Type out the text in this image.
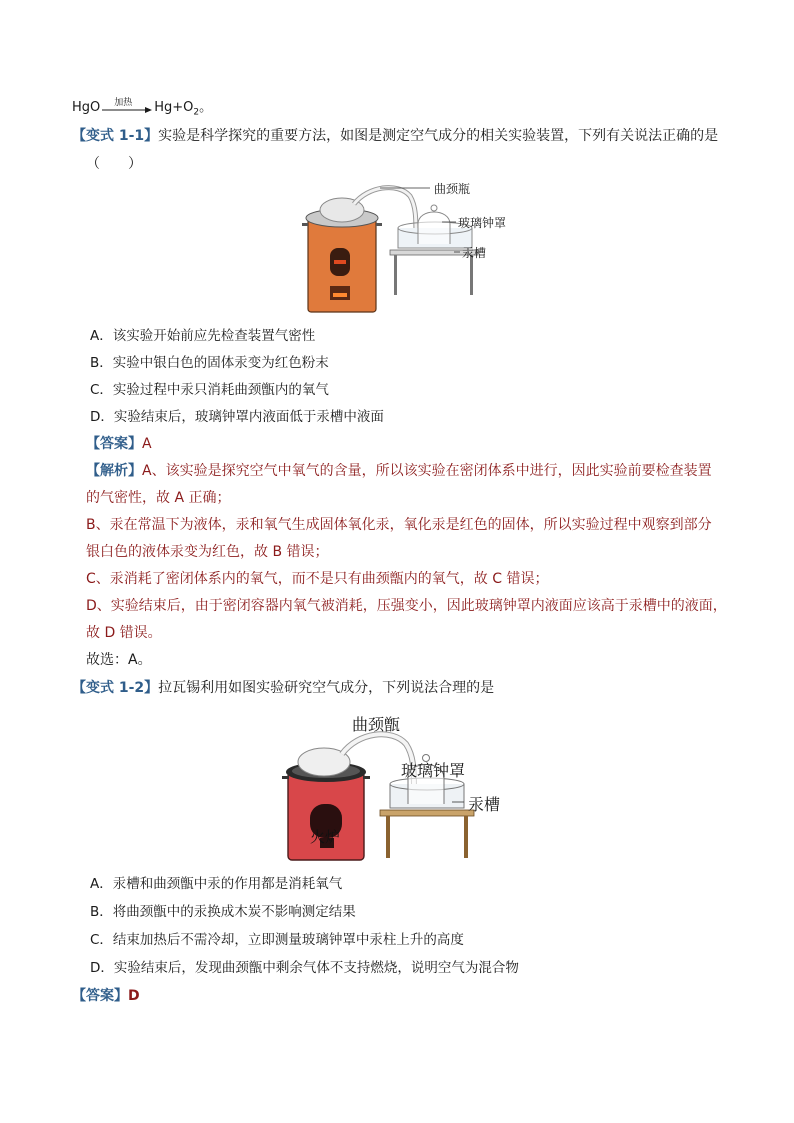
HgO 加热 $Hg+O_2$。
【变式 1-1】实验是科学探究的重要方法，如图是测定空气成分的相关实验装置，下列有关说法正确的是
（　　）
曲颈瓶
玻璃钟罩
汞槽
A．该实验开始前应先检查装置气密性
B．实验中银白色的固体汞变为红色粉末
C．实验过程中汞只消耗曲颈甑内的氧气
D．实验结束后，玻璃钟罩内液面低于汞槽中液面
【答案】A
【解析】A、该实验是探究空气中氧气的含量，所以该实验在密闭体系中进行，因此实验前要检查装置
的气密性，故 A 正确；
B、汞在常温下为液体，汞和氧气生成固体氧化汞，氧化汞是红色的固体，所以实验过程中观察到部分
银白色的液体汞变为红色，故 B 错误；
C、汞消耗了密闭体系内的氧气，而不是只有曲颈甑内的氧气，故 C 错误；
D、实验结束后，由于密闭容器内氧气被消耗，压强变小，因此玻璃钟罩内液面应该高于汞槽中的液面，
故 D 错误。
故选：A。
【变式 1-2】拉瓦锡利用如图实验研究空气成分，下列说法合理的是
火炉
曲颈甑
玻璃钟罩
汞槽
A．汞槽和曲颈甑中汞的作用都是消耗氧气
B．将曲颈甑中的汞换成木炭不影响测定结果
C．结束加热后不需冷却，立即测量玻璃钟罩中汞柱上升的高度
D．实验结束后，发现曲颈甑中剩余气体不支持燃烧，说明空气为混合物
【答案】D
